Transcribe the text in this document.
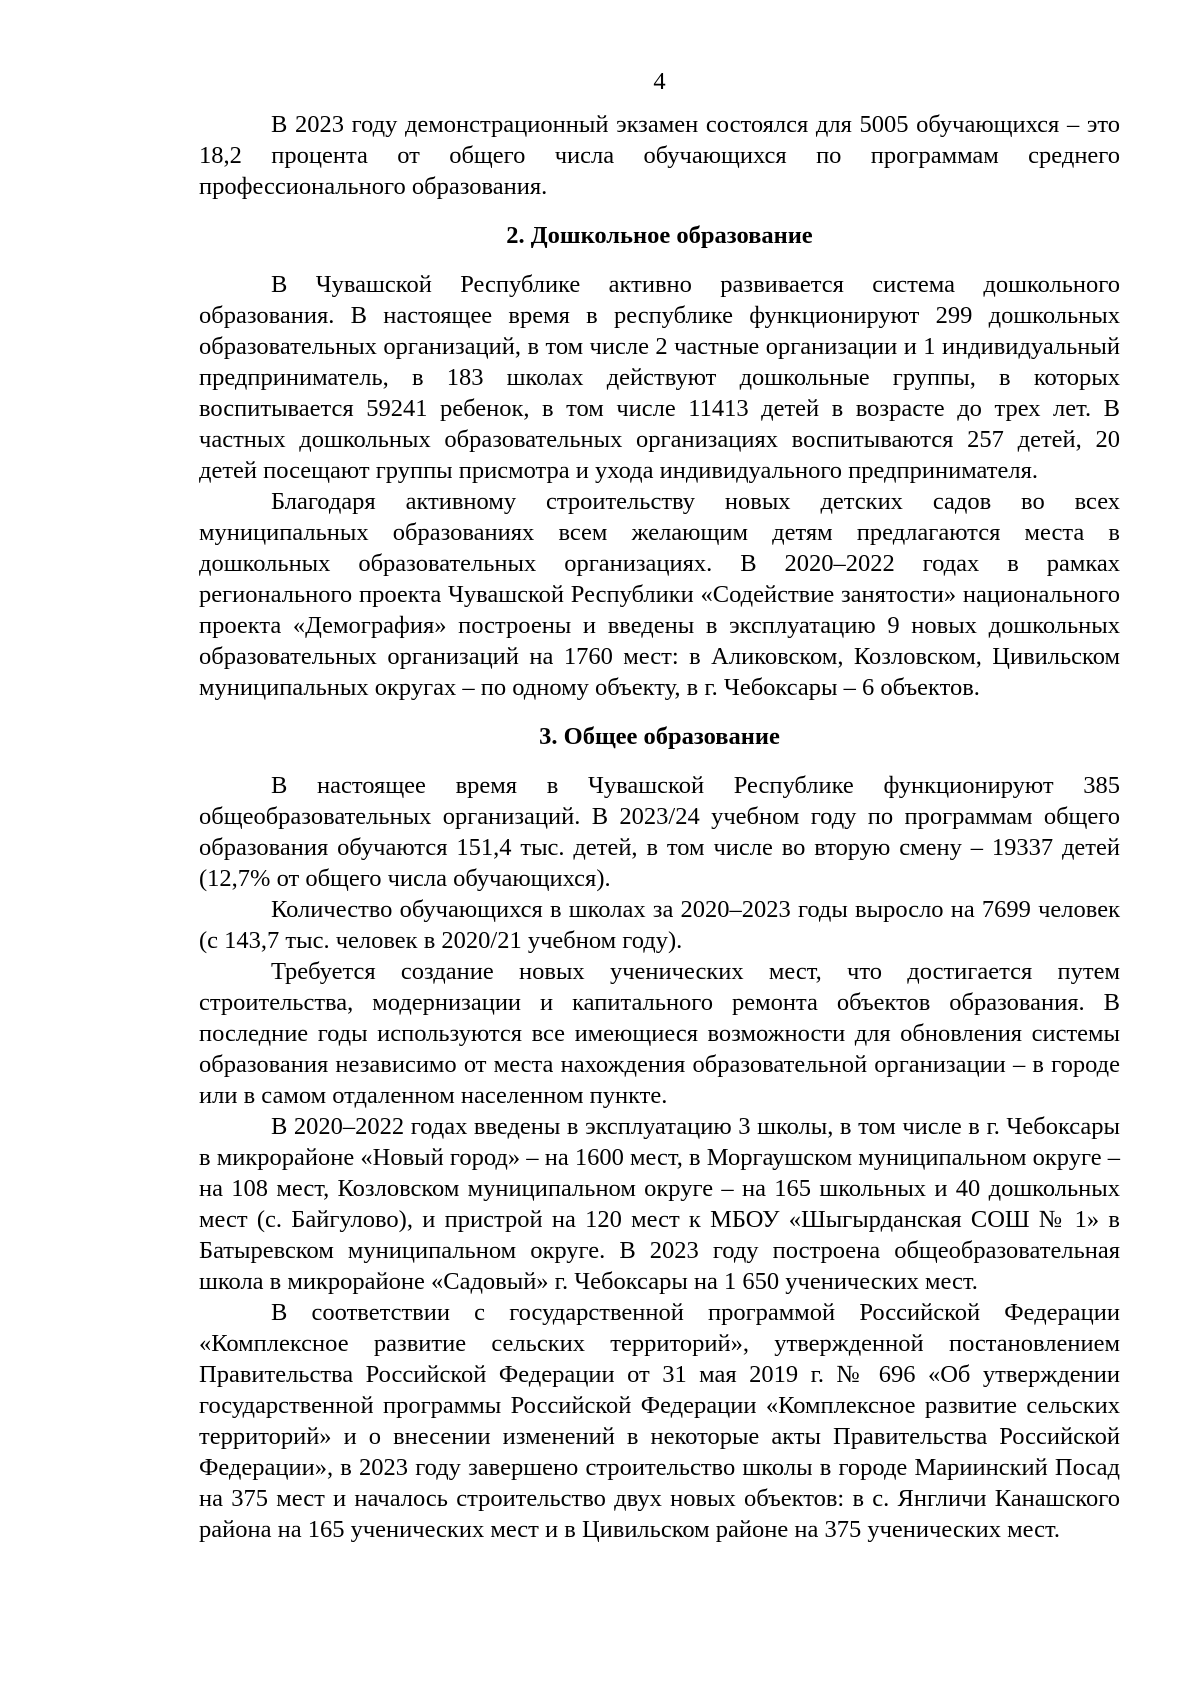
4

В 2023 году демонстрационный экзамен состоялся для 5005 обучающихся – это 18,2 процента от общего числа обучающихся по программам среднего профессионального образования.

2. Дошкольное образование

В Чувашской Республике активно развивается система дошкольного образования. В настоящее время в республике функционируют 299 дошкольных образовательных организаций, в том числе 2 частные организации и 1 индивидуальный предприниматель, в 183 школах действуют дошкольные группы, в которых воспитывается 59241 ребенок, в том числе 11413 детей в возрасте до трех лет. В частных дошкольных образовательных организациях воспитываются 257 детей, 20 детей посещают группы присмотра и ухода индивидуального предпринимателя.

Благодаря активному строительству новых детских садов во всех муниципальных образованиях всем желающим детям предлагаются места в дошкольных образовательных организациях. В 2020–2022 годах в рамках регионального проекта Чувашской Республики «Содействие занятости» национального проекта «Демография» построены и введены в эксплуатацию 9 новых дошкольных образовательных организаций на 1760 мест: в Аликовском, Козловском, Цивильском муниципальных округах – по одному объекту, в г. Чебоксары – 6 объектов.

3. Общее образование

В настоящее время в Чувашской Республике функционируют 385 общеобразовательных организаций. В 2023/24 учебном году по программам общего образования обучаются 151,4 тыс. детей, в том числе во вторую смену – 19337 детей (12,7% от общего числа обучающихся).

Количество обучающихся в школах за 2020–2023 годы выросло на 7699 человек (с 143,7 тыс. человек в 2020/21 учебном году).

Требуется создание новых ученических мест, что достигается путем строительства, модернизации и капитального ремонта объектов образования. В последние годы используются все имеющиеся возможности для обновления системы образования независимо от места нахождения образовательной организации – в городе или в самом отдаленном населенном пункте.

В 2020–2022 годах введены в эксплуатацию 3 школы, в том числе в г. Чебоксары в микрорайоне «Новый город» – на 1600 мест, в Моргаушском муниципальном округе – на 108 мест, Козловском муниципальном округе – на 165 школьных и 40 дошкольных мест (с. Байгулово), и пристрой на 120 мест к МБОУ «Шыгырданская СОШ № 1» в Батыревском муниципальном округе. В 2023 году построена общеобразовательная школа в микрорайоне «Садовый» г. Чебоксары на 1 650 ученических мест.

В соответствии с государственной программой Российской Федерации «Комплексное развитие сельских территорий», утвержденной постановлением Правительства Российской Федерации от 31 мая 2019 г. № 696 «Об утверждении государственной программы Российской Федерации «Комплексное развитие сельских территорий» и о внесении изменений в некоторые акты Правительства Российской Федерации», в 2023 году завершено строительство школы в городе Мариинский Посад на 375 мест и началось строительство двух новых объектов: в с. Янгличи Канашского района на 165 ученических мест и в Цивильском районе на 375 ученических мест.
